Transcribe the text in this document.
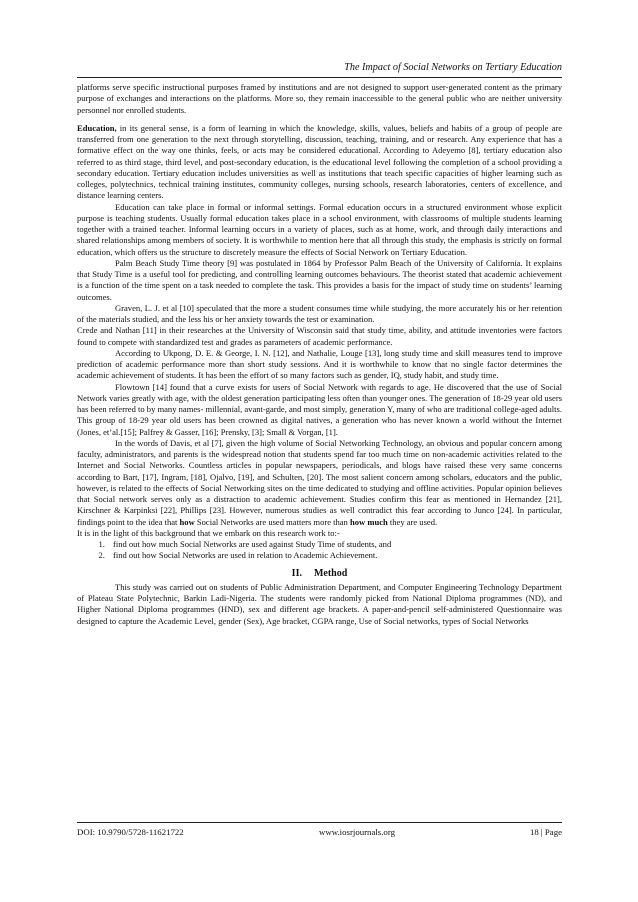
The Impact of Social Networks on Tertiary Education

platforms serve specific instructional purposes framed by institutions and are not designed to support user-generated content as the primary purpose of exchanges and interactions on the platforms. More so, they remain inaccessible to the general public who are neither university personnel nor enrolled students.

Education, in its general sense, is a form of learning in which the knowledge, skills, values, beliefs and habits of a group of people are transferred from one generation to the next through storytelling, discussion, teaching, training, and or research. Any experience that has a formative effect on the way one thinks, feels, or acts may be considered educational. According to Adeyemo [8], tertiary education also referred to as third stage, third level, and post-secondary education, is the educational level following the completion of a school providing a secondary education. Tertiary education includes universities as well as institutions that teach specific capacities of higher learning such as colleges, polytechnics, technical training institutes, community colleges, nursing schools, research laboratories, centers of excellence, and distance learning centers.

Education can take place in formal or informal settings. Formal education occurs in a structured environment whose explicit purpose is teaching students. Usually formal education takes place in a school environment, with classrooms of multiple students learning together with a trained teacher. Informal learning occurs in a variety of places, such as at home, work, and through daily interactions and shared relationships among members of society. It is worthwhile to mention here that all through this study, the emphasis is strictly on formal education, which offers us the structure to discretely measure the effects of Social Network on Tertiary Education.

Palm Beach Study Time theory [9] was postulated in 1864 by Professor Palm Beach of the University of California. It explains that Study Time is a useful tool for predicting, and controlling learning outcomes behaviours. The theorist stated that academic achievement is a function of the time spent on a task needed to complete the task. This provides a basis for the impact of study time on students’ learning outcomes.

Graven, L. J. et al [10] speculated that the more a student consumes time while studying, the more accurately his or her retention of the materials studied, and the less his or her anxiety towards the test or examination.

Crede and Nathan [11] in their researches at the University of Wisconsin said that study time, ability, and attitude inventories were factors found to compete with standardized test and grades as parameters of academic performance.

According to Ukpong, D. E. & George, I. N. [12], and Nathalie, Louge [13], long study time and skill measures tend to improve prediction of academic performance more than short study sessions. And it is worthwhile to know that no single factor determines the academic achievement of students. It has been the effort of so many factors such as gender, IQ, study habit, and study time.

Flowtown [14] found that a curve exists for users of Social Network with regards to age. He discovered that the use of Social Network varies greatly with age, with the oldest generation participating less often than younger ones. The generation of 18-29 year old users has been referred to by many names- millennial, avant-garde, and most simply, generation Y, many of who are traditional college-aged adults. This group of 18-29 year old users has been crowned as digital natives, a generation who has never known a world without the Internet (Jones, et’al.[15]; Palfrey & Gasser, [16]; Prensky, [3]; Small & Vorgan, [1].

In the words of Davis, et al [7], given the high volume of Social Networking Technology, an obvious and popular concern among faculty, administrators, and parents is the widespread notion that students spend far too much time on non-academic activities related to the Internet and Social Networks. Countless articles in popular newspapers, periodicals, and blogs have raised these very same concerns according to Bart, [17], Ingram, [18], Ojalvo, [19], and Schulten, [20]. The most salient concern among scholars, educators and the public, however, is related to the effects of Social Networking sites on the time dedicated to studying and offline activities. Popular opinion believes that Social network serves only as a distraction to academic achievement. Studies confirm this fear as mentioned in Hernandez [21], Kirschner & Karpinksi [22], Phillips [23]. However, numerous studies as well contradict this fear according to Junco [24]. In particular, findings point to the idea that how Social Networks are used matters more than how much they are used.

It is in the light of this background that we embark on this research work to:-

1. find out how much Social Networks are used against Study Time of students, and
2. find out how Social Networks are used in relation to Academic Achievement.
II. Method

This study was carried out on students of Public Administration Department, and Computer Engineering Technology Department of Plateau State Polytechnic, Barkin Ladi-Nigeria. The students were randomly picked from National Diploma programmes (ND), and Higher National Diploma programmes (HND), sex and different age brackets. A paper-and-pencil self-administered Questionnaire was designed to capture the Academic Level, gender (Sex), Age bracket, CGPA range, Use of Social networks, types of Social Networks

DOI: 10.9790/5728-11621722	www.iosrjournals.org	18 | Page
